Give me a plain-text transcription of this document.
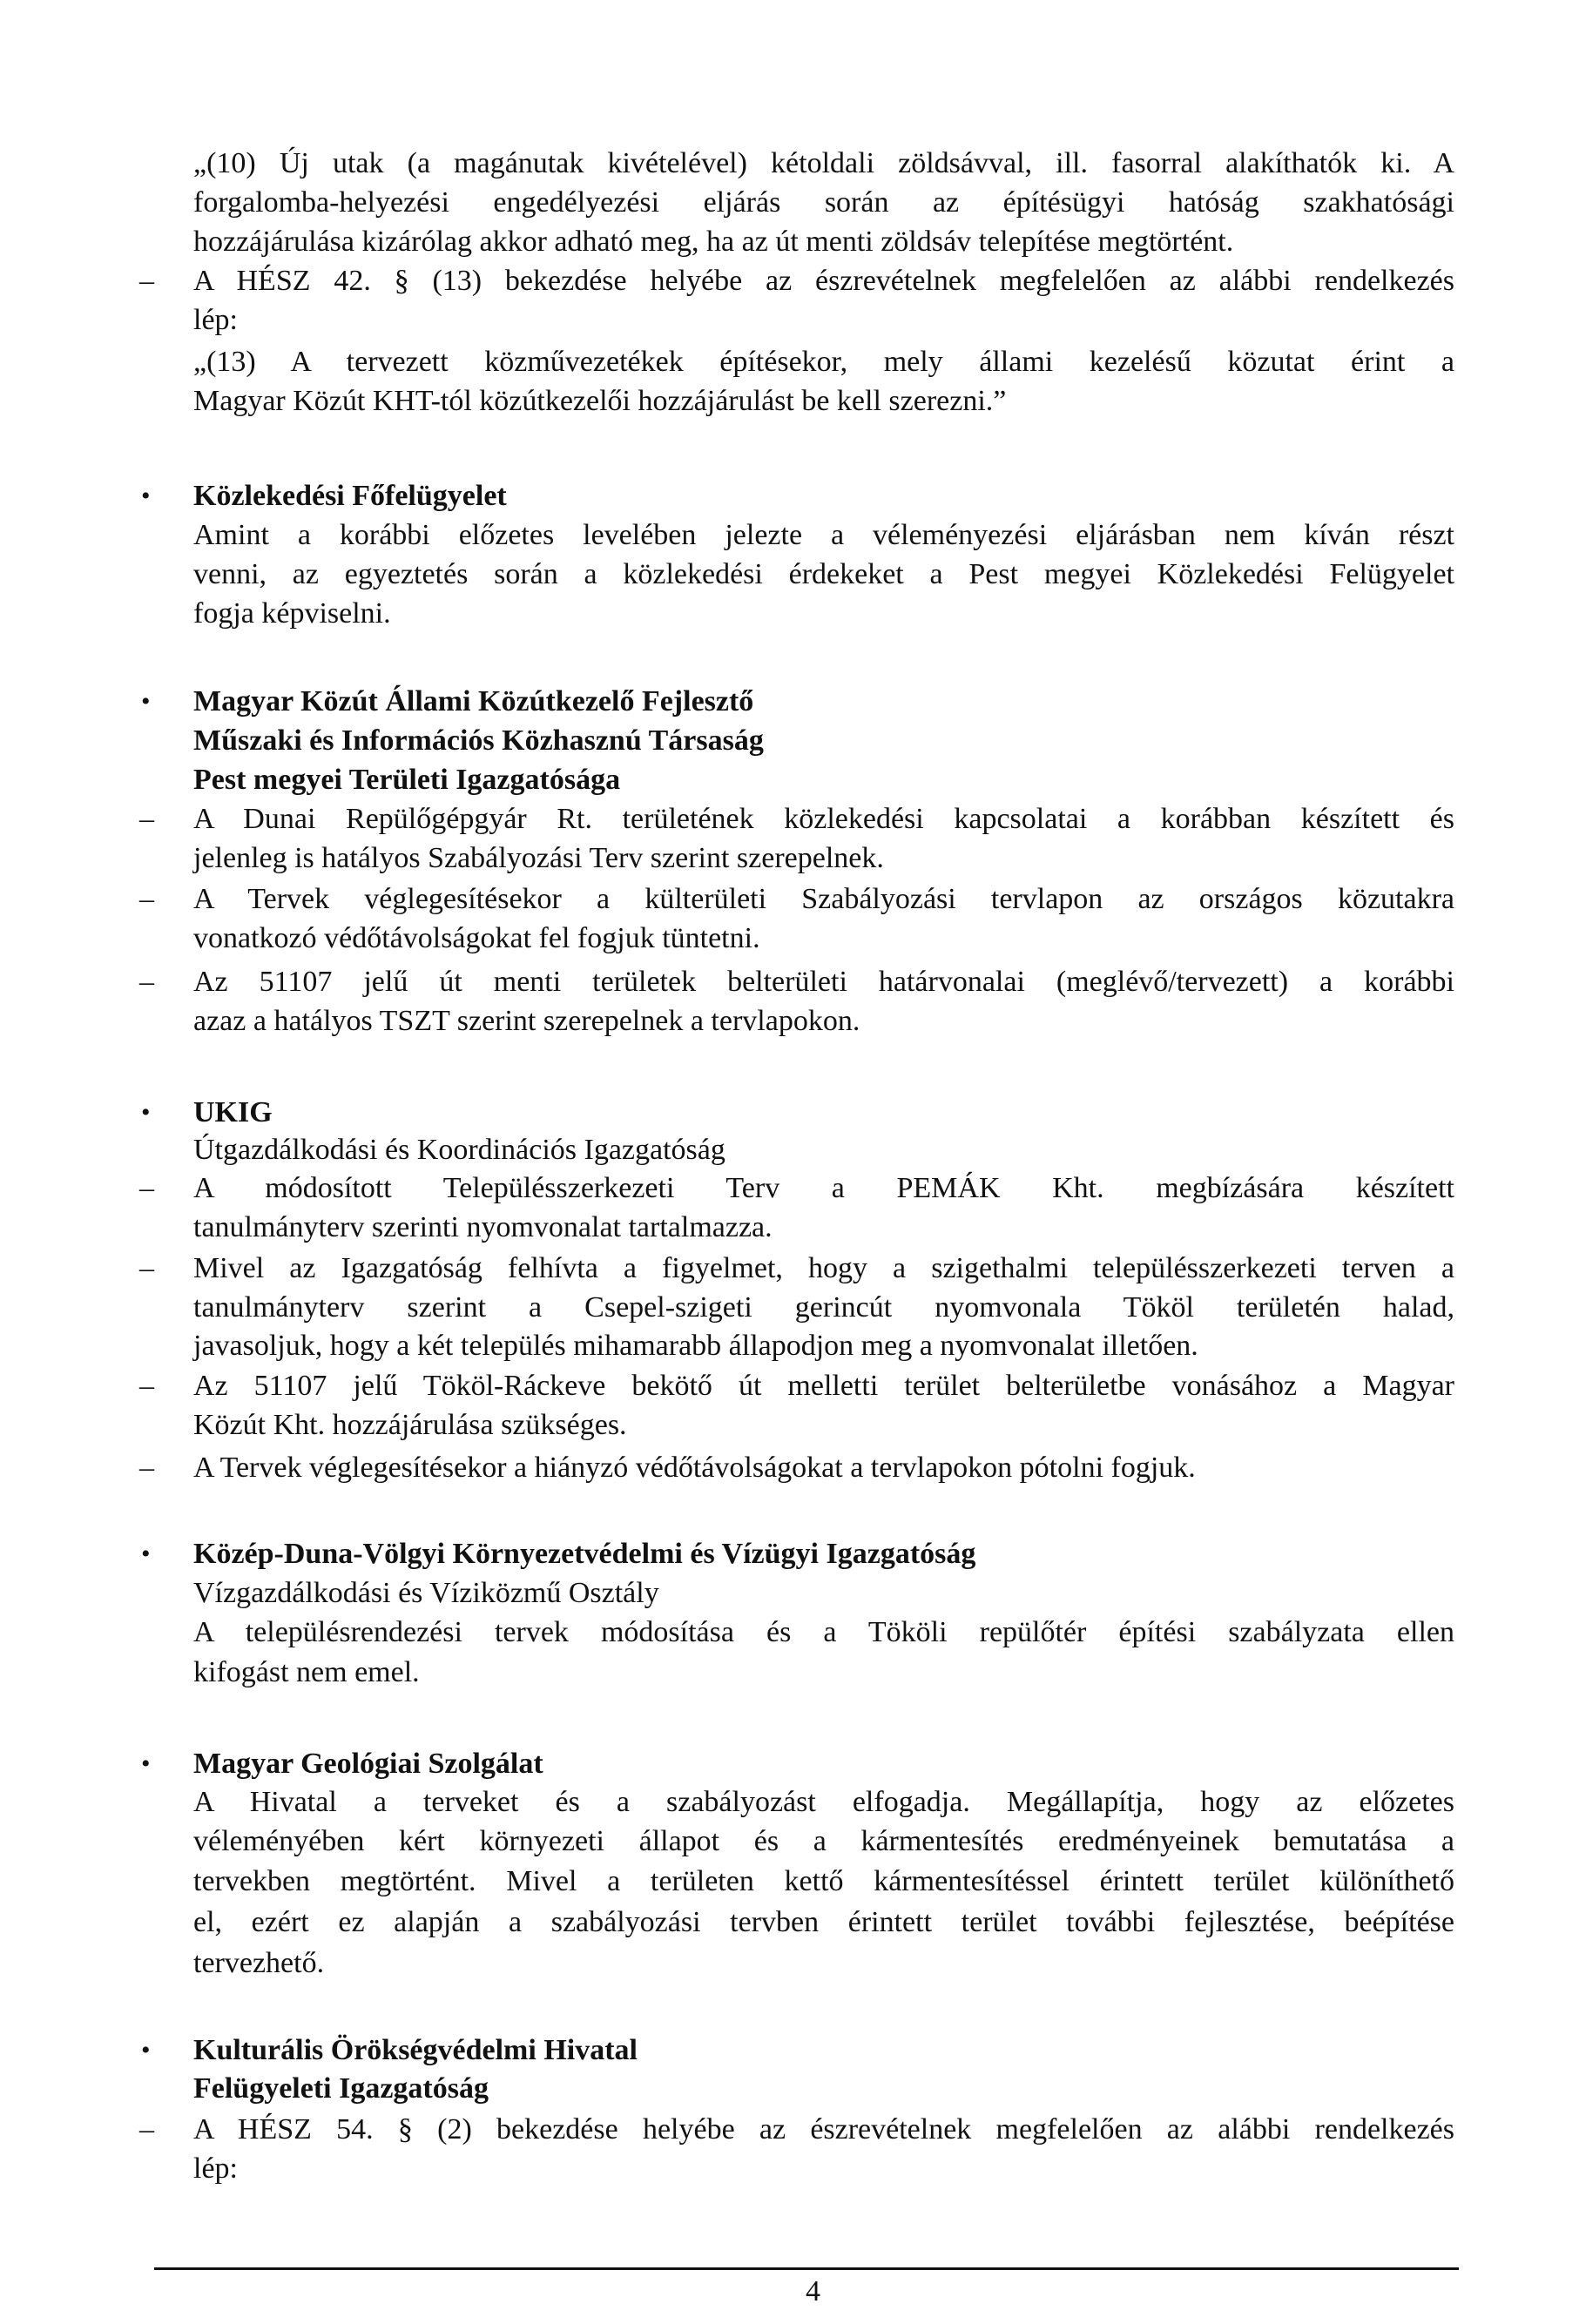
„(10) Új utak (a magánutak kivételével) kétoldali zöldsávval, ill. fasorral alakíthatók ki. A
forgalomba-helyezési engedélyezési eljárás során az építésügyi hatóság szakhatósági
hozzájárulása kizárólag akkor adható meg, ha az út menti zöldsáv telepítése megtörtént.
– A HÉSZ 42. § (13) bekezdése helyébe az észrevételnek megfelelően az alábbi rendelkezés
lép:
„(13) A tervezett közművezetékek építésekor, mely állami kezelésű közutat érint a
Magyar Közút KHT-tól közútkezelői hozzájárulást be kell szerezni.”
• Közlekedési Főfelügyelet
Amint a korábbi előzetes levelében jelezte a véleményezési eljárásban nem kíván részt
venni, az egyeztetés során a közlekedési érdekeket a Pest megyei Közlekedési Felügyelet
fogja képviselni.
• Magyar Közút Állami Közútkezelő Fejlesztő
Műszaki és Információs Közhasznú Társaság
Pest megyei Területi Igazgatósága
– A Dunai Repülőgépgyár Rt. területének közlekedési kapcsolatai a korábban készített és
jelenleg is hatályos Szabályozási Terv szerint szerepelnek.
– A Tervek véglegesítésekor a külterületi Szabályozási tervlapon az országos közutakra
vonatkozó védőtávolságokat fel fogjuk tüntetni.
– Az 51107 jelű út menti területek belterületi határvonalai (meglévő/tervezett) a korábbi
azaz a hatályos TSZT szerint szerepelnek a tervlapokon.
• UKIG
Útgazdálkodási és Koordinációs Igazgatóság
– A módosított Településszerkezeti Terv a PEMÁK Kht. megbízására készített
tanulmányterv szerinti nyomvonalat tartalmazza.
– Mivel az Igazgatóság felhívta a figyelmet, hogy a szigethalmi településszerkezeti terven a
tanulmányterv szerint a Csepel-szigeti gerincút nyomvonala Tököl területén halad,
javasoljuk, hogy a két település mihamarabb állapodjon meg a nyomvonalat illetően.
– Az 51107 jelű Tököl-Ráckeve bekötő út melletti terület belterületbe vonásához a Magyar
Közút Kht. hozzájárulása szükséges.
– A Tervek véglegesítésekor a hiányzó védőtávolságokat a tervlapokon pótolni fogjuk.
• Közép-Duna-Völgyi Környezetvédelmi és Vízügyi Igazgatóság
Vízgazdálkodási és Víziközmű Osztály
A településrendezési tervek módosítása és a Tököli repülőtér építési szabályzata ellen
kifogást nem emel.
• Magyar Geológiai Szolgálat
A Hivatal a terveket és a szabályozást elfogadja. Megállapítja, hogy az előzetes
véleményében kért környezeti állapot és a kármentesítés eredményeinek bemutatása a
tervekben megtörtént. Mivel a területen kettő kármentesítéssel érintett terület különíthető
el, ezért ez alapján a szabályozási tervben érintett terület további fejlesztése, beépítése
tervezhető.
• Kulturális Örökségvédelmi Hivatal
Felügyeleti Igazgatóság
– A HÉSZ 54. § (2) bekezdése helyébe az észrevételnek megfelelően az alábbi rendelkezés
lép:
4
